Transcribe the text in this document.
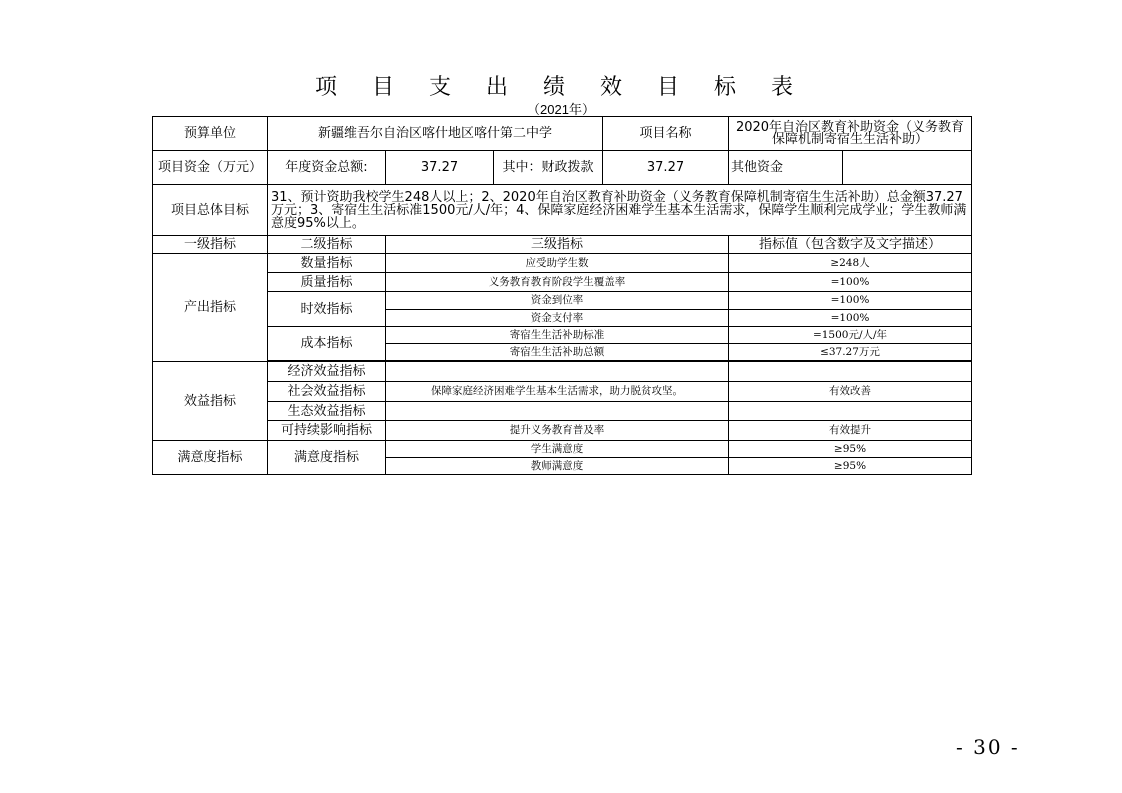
项 目 支 出 绩 效 目 标 表
（2021年）
预算单位	新疆维吾尔自治区喀什地区喀什第二中学			项目名称	2020年自治区教育补助资金（义务教育保障机制寄宿生生活补助）	
项目资金（万元）	年度资金总额:	37.27	其中：财政拨款	37.27	其他资金	
项目总体目标	31、预计资助我校学生248人以上；2、2020年自治区教育补助资金（义务教育保障机制寄宿生生活补助）总金额37.27万元；3、寄宿生生活标准1500元/人/年；4、保障家庭经济困难学生基本生活需求，保障学生顺利完成学业；学生教师满意度95%以上。					
一级指标	二级指标	三级指标			指标值（包含数字及文字描述）	
产出指标	数量指标	应受助学生数			≥248人	
	质量指标	义务教育教育阶段学生覆盖率			=100%	
	时效指标	资金到位率			=100%	
		资金支付率			=100%	
	成本指标	寄宿生生活补助标准			=1500元/人/年	
		寄宿生生活补助总额			≤37.27万元	

效益指标	经济效益指标					
	社会效益指标	保障家庭经济困难学生基本生活需求，助力脱贫攻坚。			有效改善	
	生态效益指标					
	可持续影响指标	提升义务教育普及率			有效提升	
满意度指标	满意度指标	学生满意度			≥95%	
		教师满意度			≥95%	
- 30 -
